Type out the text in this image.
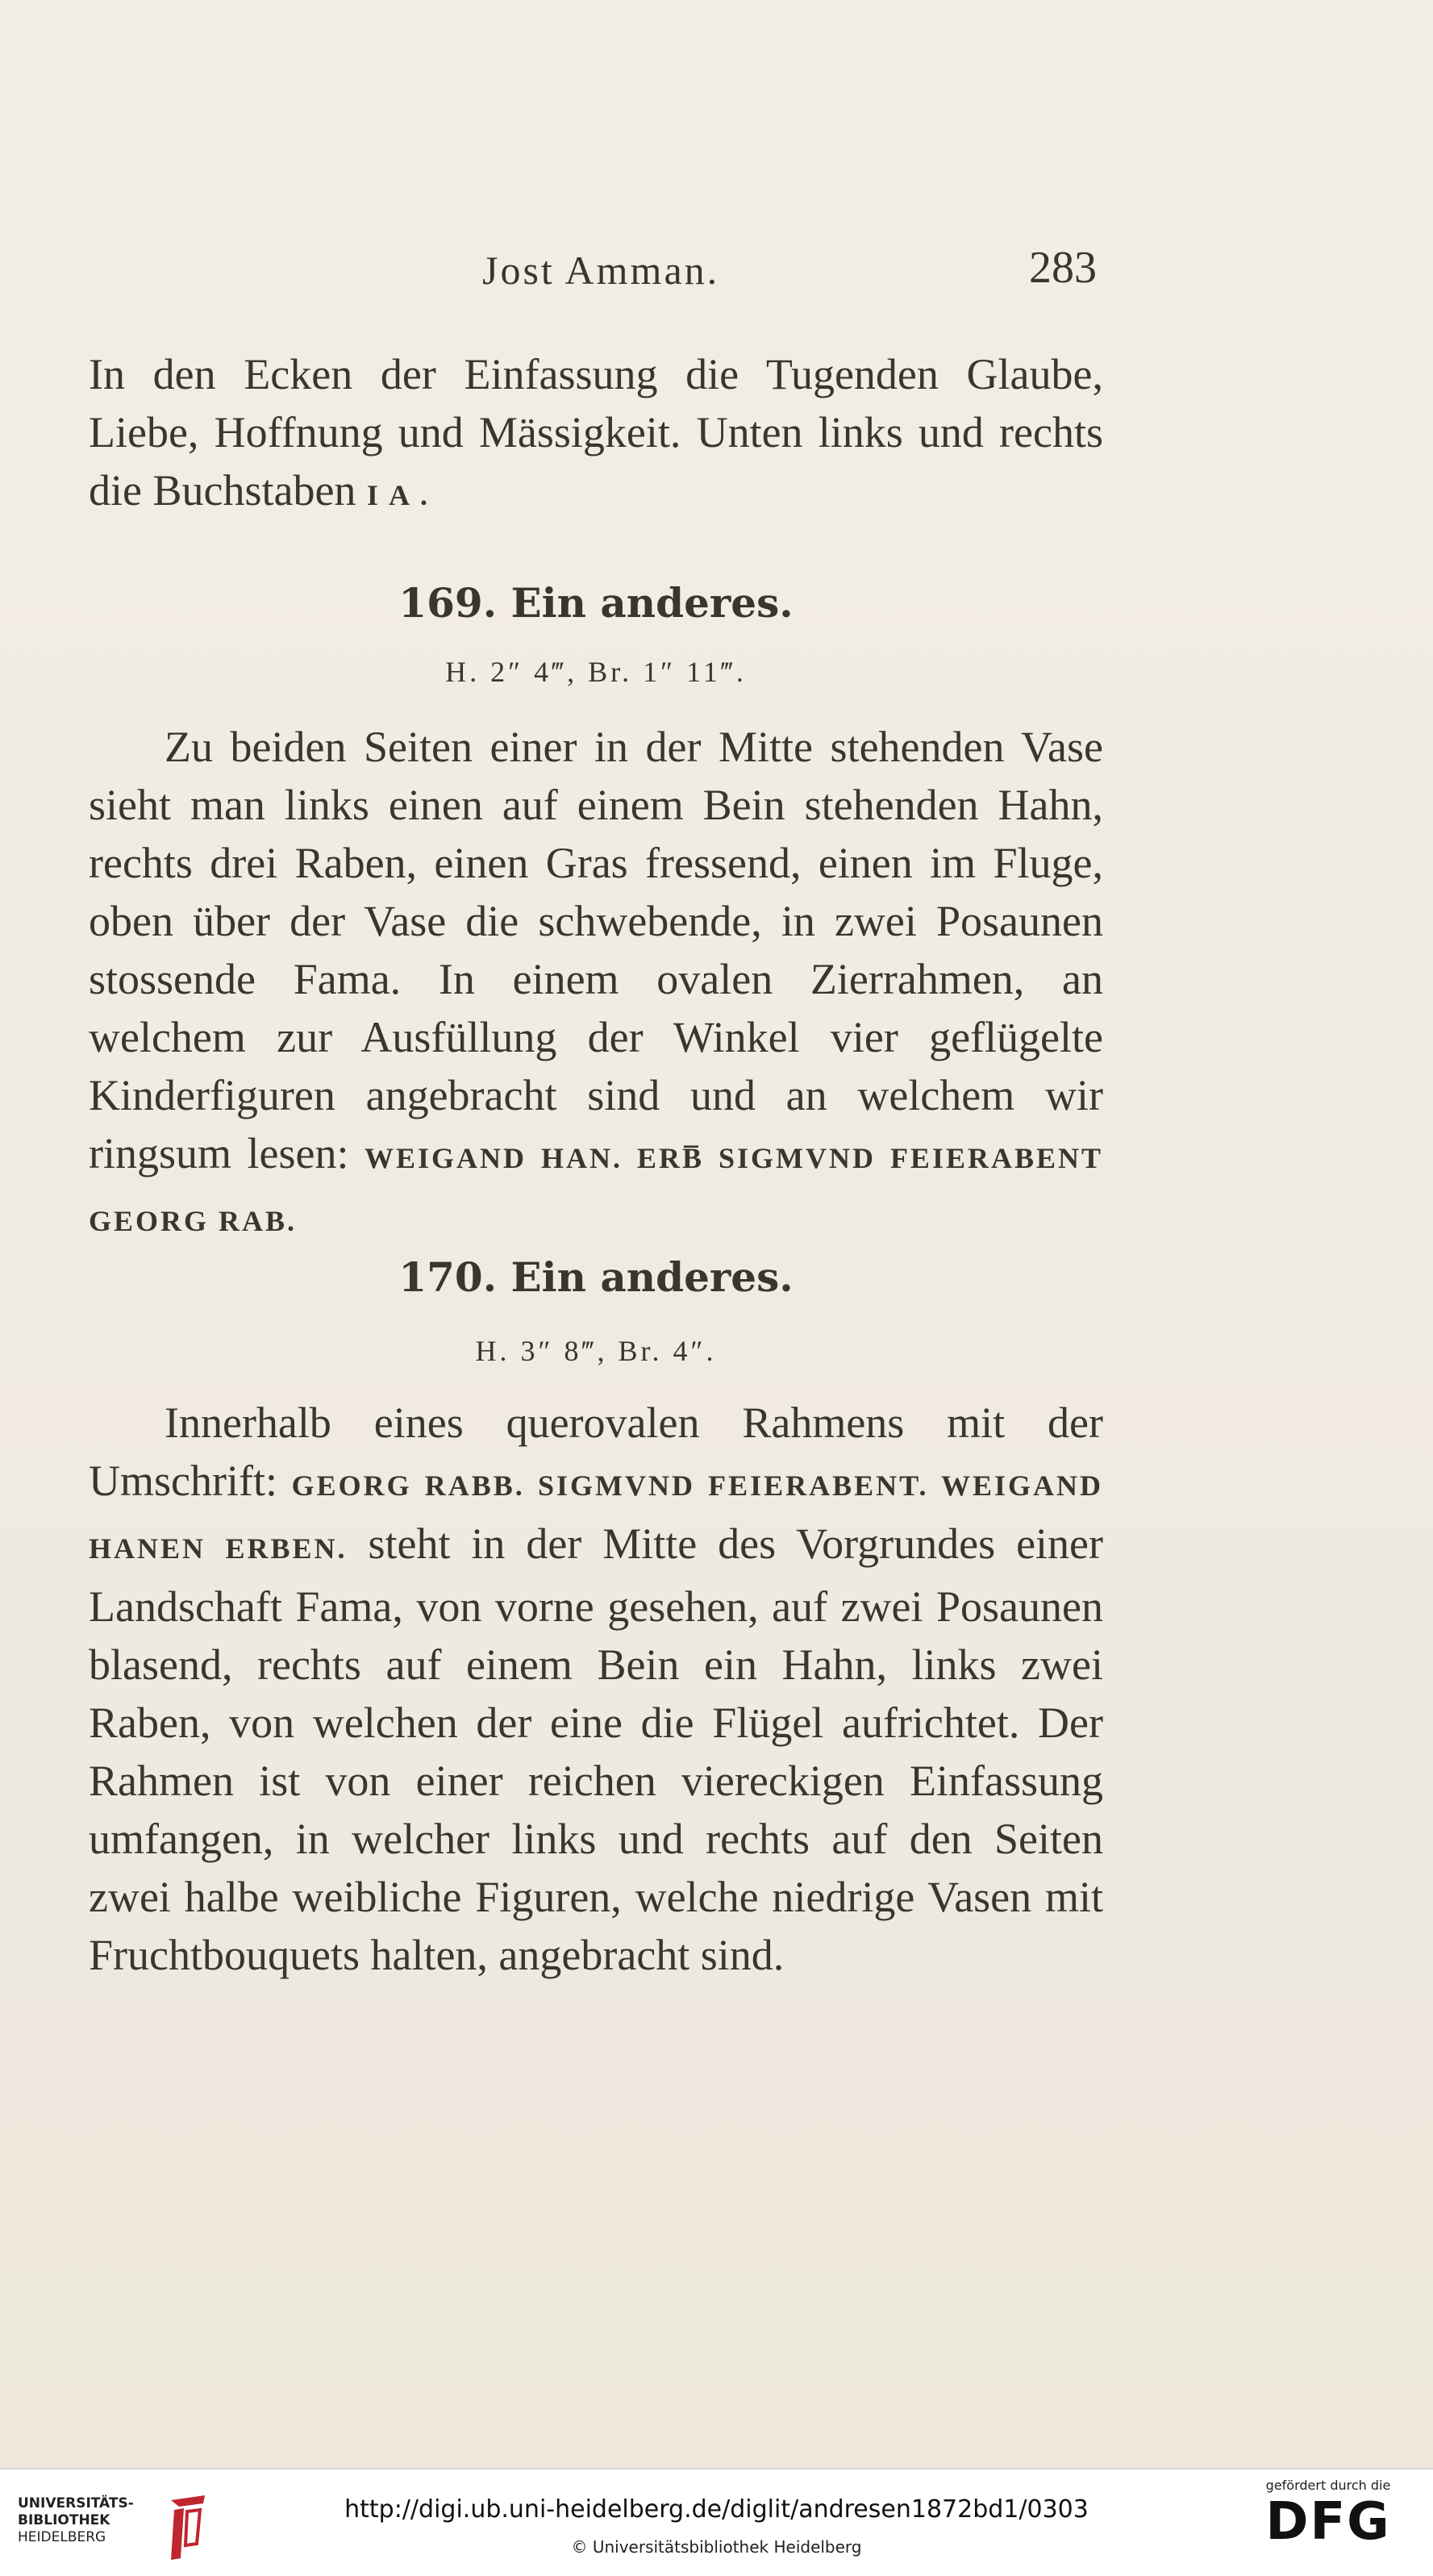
Jost Amman.	283
In den Ecken der Einfassung die Tugenden Glaube, Liebe, Hoffnung und Mässigkeit. Unten links und rechts die Buchstaben I A .
169. Ein anderes.
H. 2″ 4‴, Br. 1″ 11‴.
Zu beiden Seiten einer in der Mitte stehenden Vase sieht man links einen auf einem Bein stehenden Hahn, rechts drei Raben, einen Gras fressend, einen im Fluge, oben über der Vase die schwebende, in zwei Posaunen stossende Fama. In einem ovalen Zierrahmen, an welchem zur Ausfüllung der Winkel vier geflügelte Kinderfiguren angebracht sind und an welchem wir ringsum lesen: WEIGAND HAN. ERB̅ SIGMVND FEIERABENT GEORG RAB.
170. Ein anderes.
H. 3″ 8‴, Br. 4″.
Innerhalb eines querovalen Rahmens mit der Umschrift: GEORG RABB. SIGMVND FEIERABENT. WEIGAND HANEN ERBEN. steht in der Mitte des Vorgrundes einer Landschaft Fama, von vorne gesehen, auf zwei Posaunen blasend, rechts auf einem Bein ein Hahn, links zwei Raben, von welchen der eine die Flügel aufrichtet. Der Rahmen ist von einer reichen viereckigen Einfassung umfangen, in welcher links und rechts auf den Seiten zwei halbe weibliche Figuren, welche niedrige Vasen mit Fruchtbouquets halten, angebracht sind.
UNIVERSITÄTS-
BIBLIOTHEK
HEIDELBERG
http://digi.ub.uni-heidelberg.de/diglit/andresen1872bd1/0303
© Universitätsbibliothek Heidelberg
gefördert durch die
DFG
